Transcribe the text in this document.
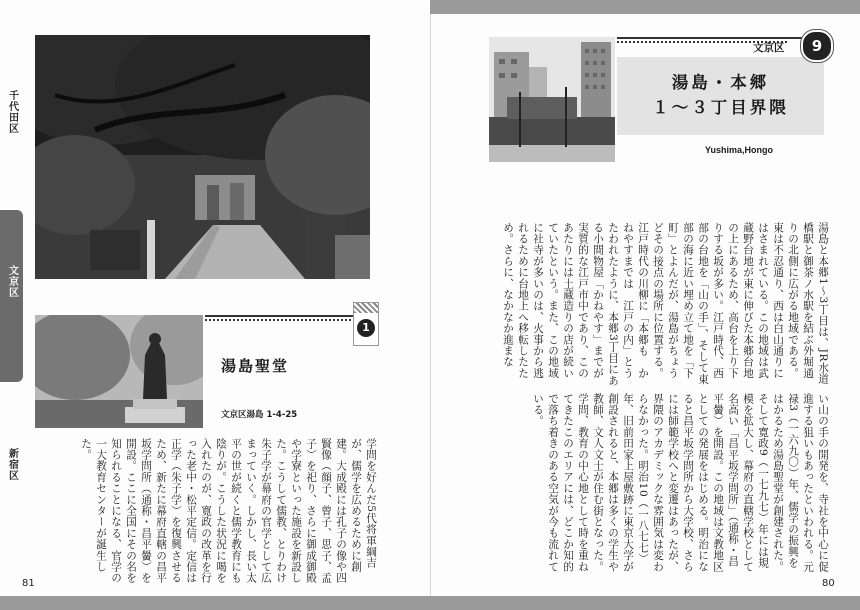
千代田区
文京区
新宿区
湯島聖堂
文京区湯島 1-4-25
1
学問を好んだ5代将軍綱吉が、儒学を広めるために創建。大成殿には孔子の像や四賢像（顔子、曾子、思子、孟子）を祀り、さらに御成御殿や学寮といった施設を新設した。こうして儒教、とりわけ朱子学が幕府の官学として広まっていく。しかし、長い太平の世が続くと儒学教育にも陰りが。こうした状況に喝を入れたのが、寛政の改革を行った老中・松平定信。定信は正学（朱子学）を復興させるため、新たに幕府直轄の昌平坂学問所（通称・昌平黌）を開設。ここに全国にその名を知られることになる、官学の一大教育センターが誕生した。
81
文京区
湯島・本郷
１～３丁目界隈
Yushima,Hongo
9
湯島と本郷1～3丁目は、JR水道橋駅と御茶ノ水駅を結ぶ外堀通りの北側に広がる地域である。東は不忍通り、西は白山通りにはさまれている。この地域は武蔵野台地が東に伸びた本郷台地の上にあるため、高台を上り下りする坂が多い。江戸時代、西部の台地を「山の手」、そして東部の海に近い埋め立て地を「下町」とよんだが、湯島がちょうどその接点の場所に位置する。江戸時代の川柳に「本郷も　かねやすまでは　江戸の内」とうたわれたように、本郷3丁目にある小間物屋「かねやす」までが実質的な江戸市中であり、このあたりには土蔵造りの店が続いていたという。また、この地域に社寺が多いのは、火事から逃れるために台地上へ移転したため。さらに、なかなか進まな
い山の手の開発を、寺社を中心に促進する狙いもあったといわれる。元禄3（一六九〇）年、儒学の振興をはかるため湯島聖堂が創建された。そして寛政9（一七九七）年には規模を拡大し、幕府の直轄学校として名高い「昌平坂学問所」（通称・昌平黌）を開設。この地域は文教地区としての発展をはじめる。明治になると昌平坂学問所から大学校、さらには師範学校へと変遷はあったが、界隈のアカデミックな雰囲気は変わらなかった。明治10（一八七七）年、旧前田家上屋敷跡に東京大学が創設されると、本郷は多くの学生や教師、文人文士が住む街となった。学問、教育の中心地として時を重ねてきたこのエリアには、どこか知的で落ち着きのある空気が今も流れている。
80
